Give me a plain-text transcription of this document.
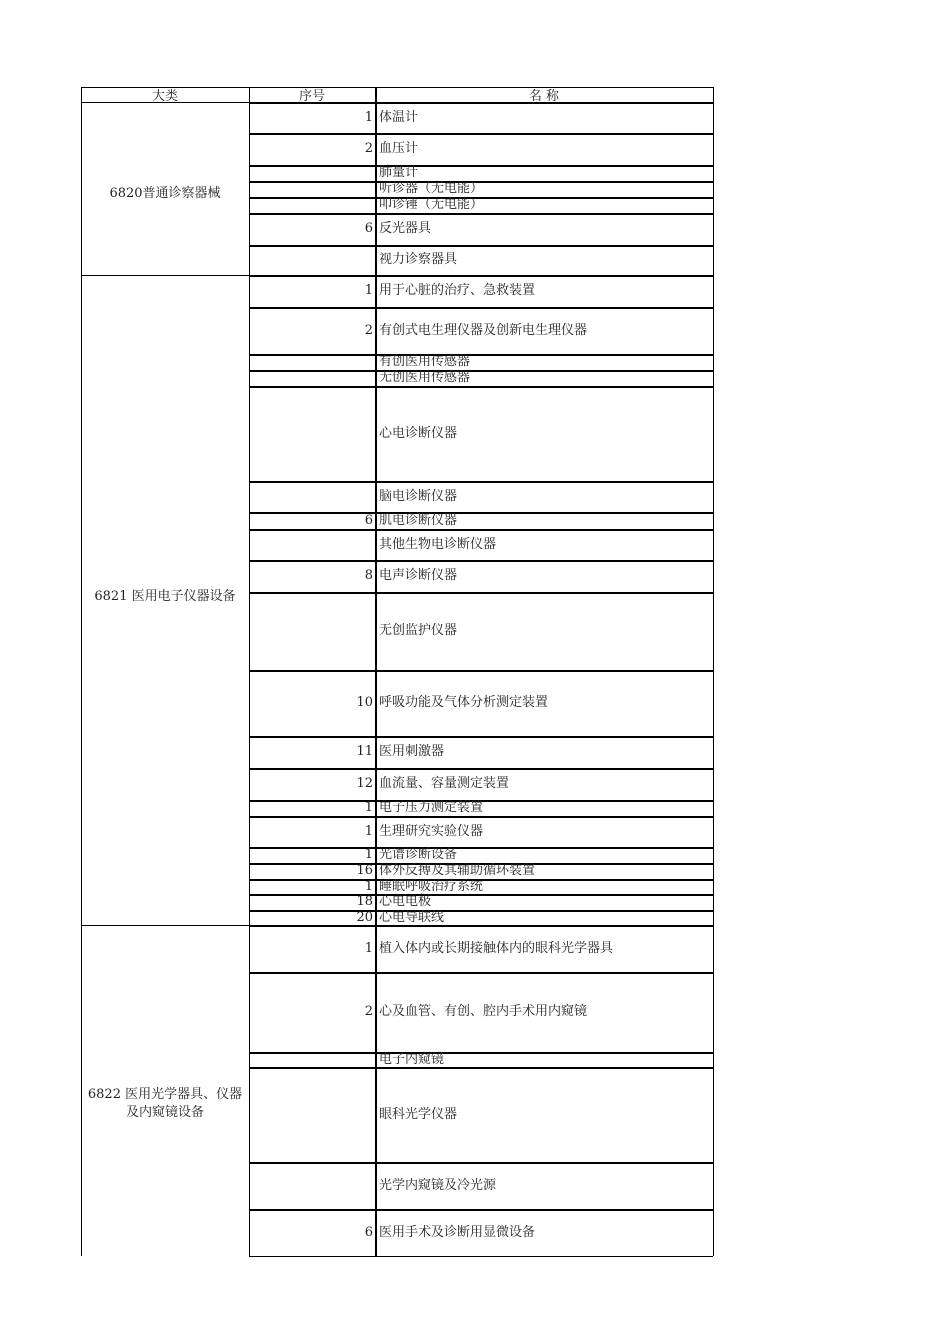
大类	序号	名 称
6820普通诊察器械
1 体温计
2 血压计
肺量计
听诊器（无电能）
叩诊锤（无电能）
6 反光器具
视力诊察器具
6821 医用电子仪器设备
1 用于心脏的治疗、急救装置
2 有创式电生理仪器及创新电生理仪器
有创医用传感器
无创医用传感器
心电诊断仪器
脑电诊断仪器
6 肌电诊断仪器
其他生物电诊断仪器
8 电声诊断仪器
无创监护仪器
10 呼吸功能及气体分析测定装置
11 医用刺激器
12 血流量、容量测定装置
1 电子压力测定装置
1 生理研究实验仪器
1 光谱诊断设备
16 体外反搏及其辅助循环装置
1 睡眠呼吸治疗系统
18 心电电极
20 心电导联线
6822 医用光学器具、仪器及内窥镜设备
1 植入体内或长期接触体内的眼科光学器具
2 心及血管、有创、腔内手术用内窥镜
电子内窥镜
眼科光学仪器
光学内窥镜及冷光源
6 医用手术及诊断用显微设备
